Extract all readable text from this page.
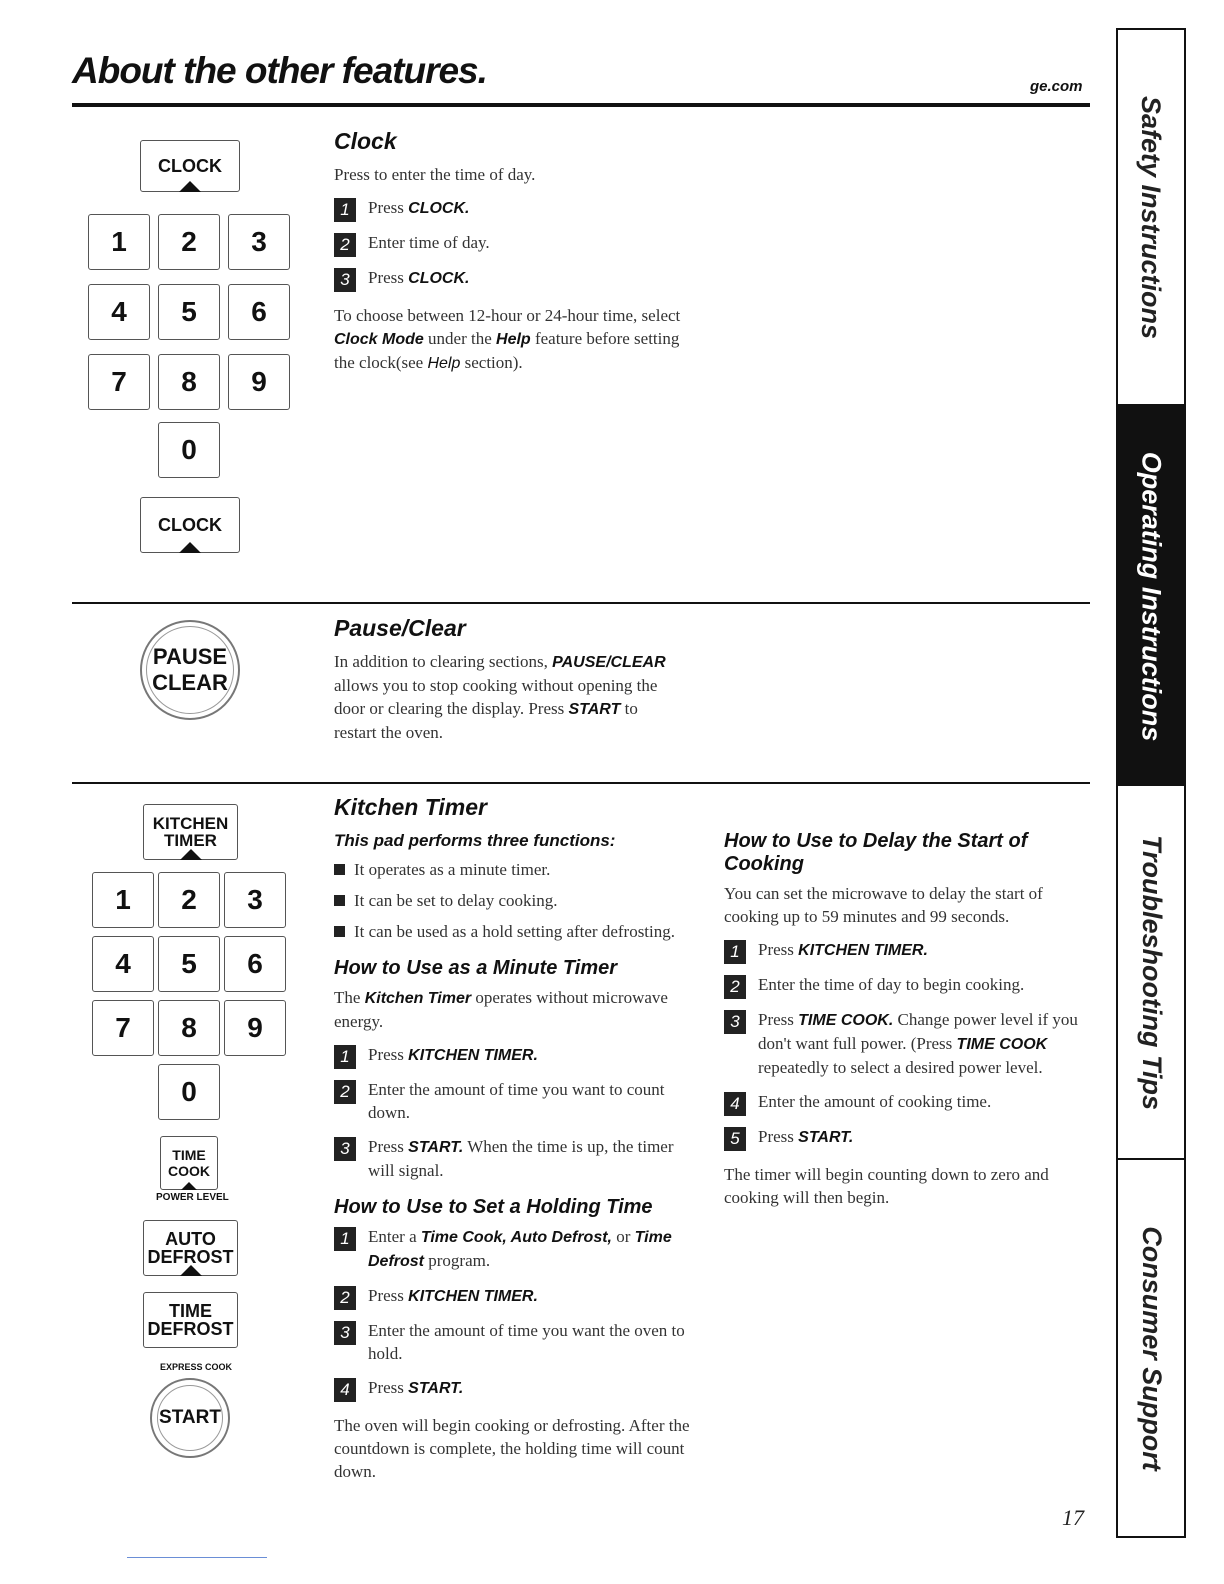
About the other features.	ge.com
CLOCK
1	2	3
4	5	6
7	8	9
0
CLOCK
Clock

Press to enter the time of day.

1	Press CLOCK.
2	Enter time of day.
3	Press CLOCK.

To choose between 12-hour or 24-hour time, select Clock Mode under the Help feature before setting the clock(see Help section).

PAUSE
CLEAR
Pause/Clear

In addition to clearing sections, PAUSE/CLEAR allows you to stop cooking without opening the door or clearing the display. Press START to restart the oven.

KITCHEN
TIMER
1	2	3
4	5	6
7	8	9
0
TIME
COOK
POWER LEVEL
AUTO
DEFROST
TIME
DEFROST
EXPRESS COOK
START
Kitchen Timer
This pad performs three functions:
It operates as a minute timer.
It can be set to delay cooking.
It can be used as a hold setting after defrosting.
How to Use as a Minute Timer

The Kitchen Timer operates without microwave energy.

1	Press KITCHEN TIMER.
2	Enter the amount of time you want to count down.
3	Press START. When the time is up, the timer will signal.
How to Use to Set a Holding Time
1	Enter a Time Cook, Auto Defrost, or Time Defrost program.
2	Press KITCHEN TIMER.
3	Enter the amount of time you want the oven to hold.
4	Press START.

The oven will begin cooking or defrosting. After the countdown is complete, the holding time will count down.

How to Use to Delay the Start of Cooking

You can set the microwave to delay the start of cooking up to 59 minutes and 99 seconds.

1	Press KITCHEN TIMER.
2	Enter the time of day to begin cooking.
3	Press TIME COOK. Change power level if you don't want full power. (Press TIME COOK repeatedly to select a desired power level.
4	Enter the amount of cooking time.
5	Press START.

The timer will begin counting down to zero and cooking will then begin.

Safety Instructions
Operating Instructions
Troubleshooting Tips
Consumer Support
17
